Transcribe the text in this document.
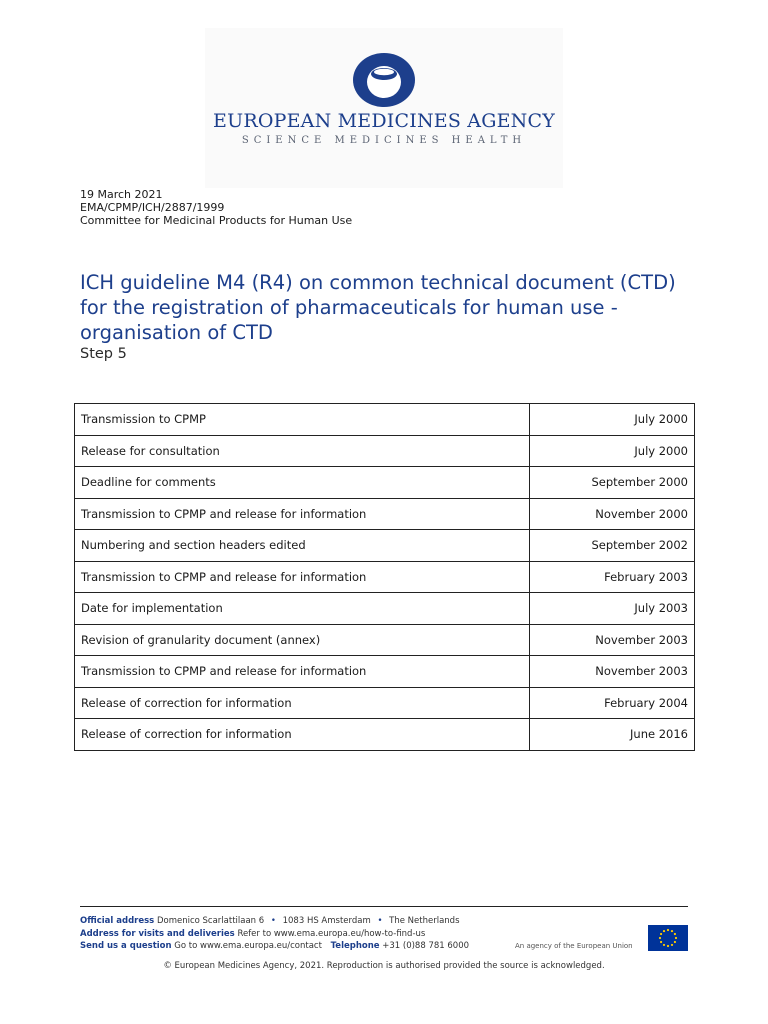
EUROPEAN MEDICINES AGENCY
SCIENCE MEDICINES HEALTH
19 March 2021
EMA/CPMP/ICH/2887/1999
Committee for Medicinal Products for Human Use
ICH guideline M4 (R4) on common technical document (CTD) for the registration of pharmaceuticals for human use - organisation of CTD
Step 5
Transmission to CPMP	July 2000
Release for consultation	July 2000
Deadline for comments	September 2000
Transmission to CPMP and release for information	November 2000
Numbering and section headers edited	September 2002
Transmission to CPMP and release for information	February 2003
Date for implementation	July 2003
Revision of granularity document (annex)	November 2003
Transmission to CPMP and release for information	November 2003
Release of correction for information	February 2004
Release of correction for information	June 2016
Official address Domenico Scarlattilaan 6 • 1083 HS Amsterdam • The Netherlands
Address for visits and deliveries Refer to www.ema.europa.eu/how-to-find-us
Send us a question Go to www.ema.europa.eu/contact Telephone +31 (0)88 781 6000	An agency of the European Union
© European Medicines Agency, 2021. Reproduction is authorised provided the source is acknowledged.
